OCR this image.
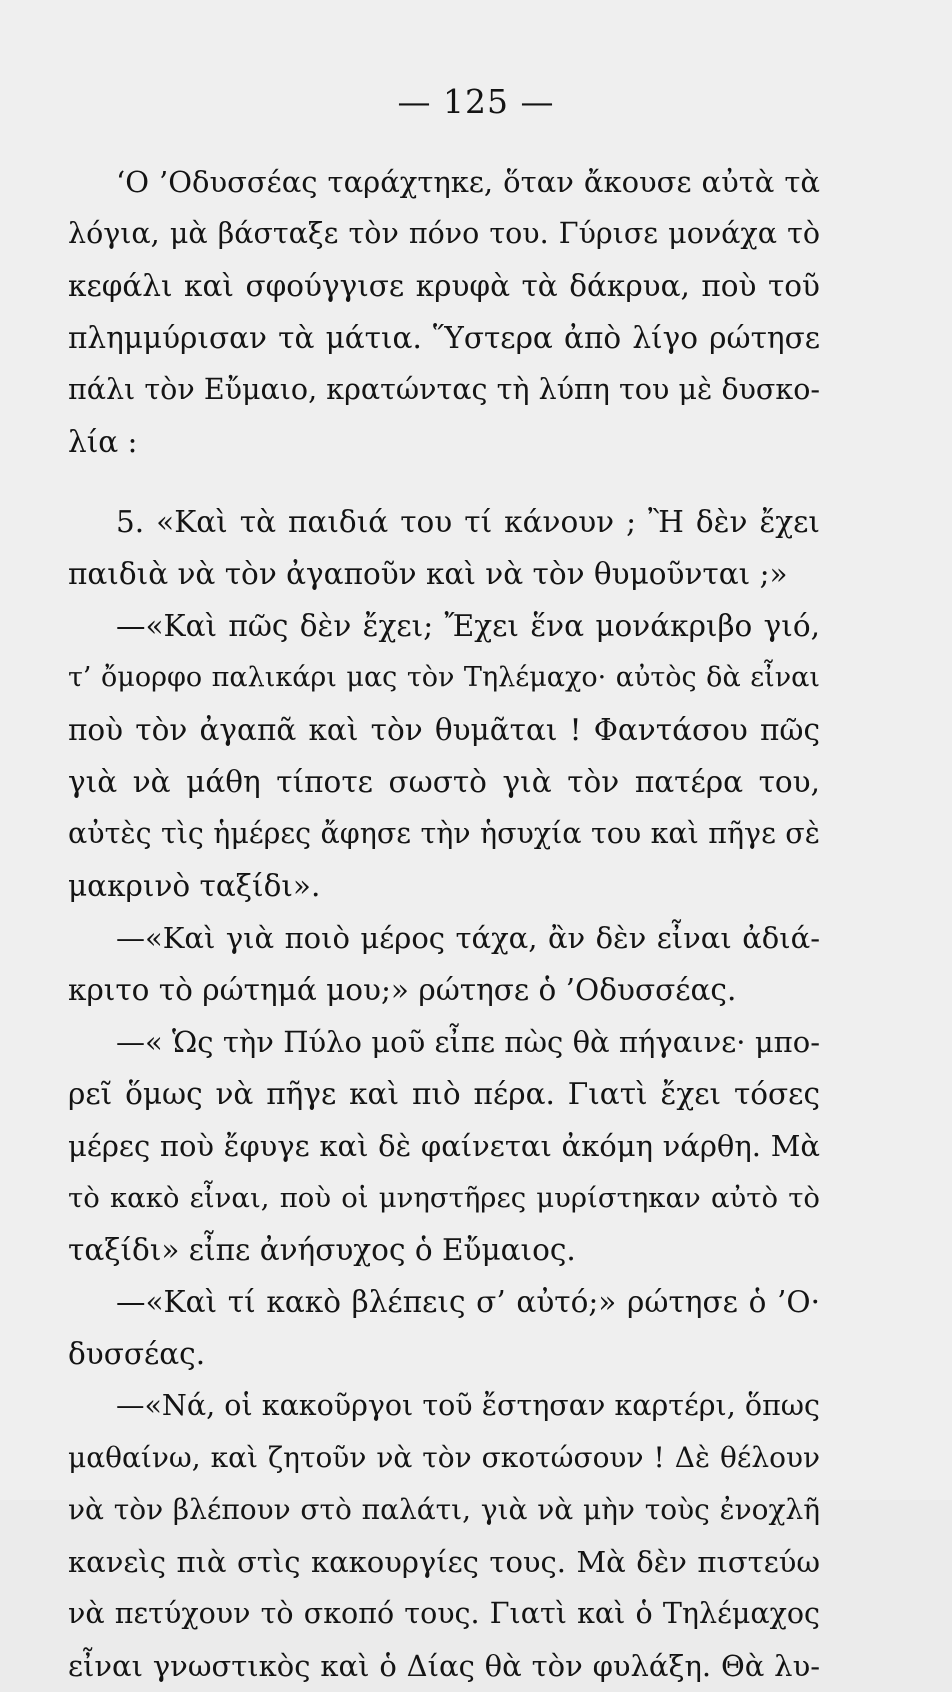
— 125 —
‘Ο ’Οδυσσέας ταράχτηκε, ὅταν ἄκουσε αὐτὰ τὰ
λόγια, μὰ βάσταξε τὸν πόνο του. Γύρισε μονάχα τὸ
κεφάλι καὶ σφούγγισε κρυφὰ τὰ δάκρυα, ποὺ τοῦ
πλημμύρισαν τὰ μάτια. Ὕστερα ἀπὸ λίγο ρώτησε
πάλι τὸν Εὔμαιο, κρατώντας τὴ λύπη του μὲ δυσκο-
λία :
5. «Καὶ τὰ παιδιά του τί κάνουν ; Ἢ δὲν ἔχει
παιδιὰ νὰ τὸν ἀγαποῦν καὶ νὰ τὸν θυμοῦνται ;»
—«Καὶ πῶς δὲν ἔχει; Ἔχει ἕνα μονάκριβο γιό,
τ’ ὄμορφο παλικάρι μας τὸν Τηλέμαχο· αὐτὸς δὰ εἶναι
ποὺ τὸν ἀγαπᾶ καὶ τὸν θυμᾶται ! Φαντάσου πῶς
γιὰ νὰ μάθη τίποτε σωστὸ γιὰ τὸν πατέρα του,
αὐτὲς τὶς ἡμέρες ἄφησε τὴν ἡσυχία του καὶ πῆγε σὲ
μακρινὸ ταξίδι».
—«Καὶ γιὰ ποιὸ μέρος τάχα, ἂν δὲν εἶναι ἀδιά-
κριτο τὸ ρώτημά μου;» ρώτησε ὁ ’Οδυσσέας.
—« Ὡς τὴν Πύλο μοῦ εἶπε πὼς θὰ πήγαινε· μπο-
ρεῖ ὅμως νὰ πῆγε καὶ πιὸ πέρα. Γιατὶ ἔχει τόσες
μέρες ποὺ ἔφυγε καὶ δὲ φαίνεται ἀκόμη νάρθη. Μὰ
τὸ κακὸ εἶναι, ποὺ οἱ μνηστῆρες μυρίστηκαν αὐτὸ τὸ
ταξίδι» εἶπε ἀνήσυχος ὁ Εὔμαιος.
—«Καὶ τί κακὸ βλέπεις σ’ αὐτό;» ρώτησε ὁ ’Ο·
δυσσέας.
—«Νά, οἱ κακοῦργοι τοῦ ἔστησαν καρτέρι, ὅπως
μαθαίνω, καὶ ζητοῦν νὰ τὸν σκοτώσουν ! Δὲ θέλουν
νὰ τὸν βλέπουν στὸ παλάτι, γιὰ νὰ μὴν τοὺς ἐνοχλῆ
κανεὶς πιὰ στὶς κακουργίες τους. Μὰ δὲν πιστεύω
νὰ πετύχουν τὸ σκοπό τους. Γιατὶ καὶ ὁ Τηλέμαχος
εἶναι γνωστικὸς καὶ ὁ Δίας θὰ τὸν φυλάξη. Θὰ λυ-
